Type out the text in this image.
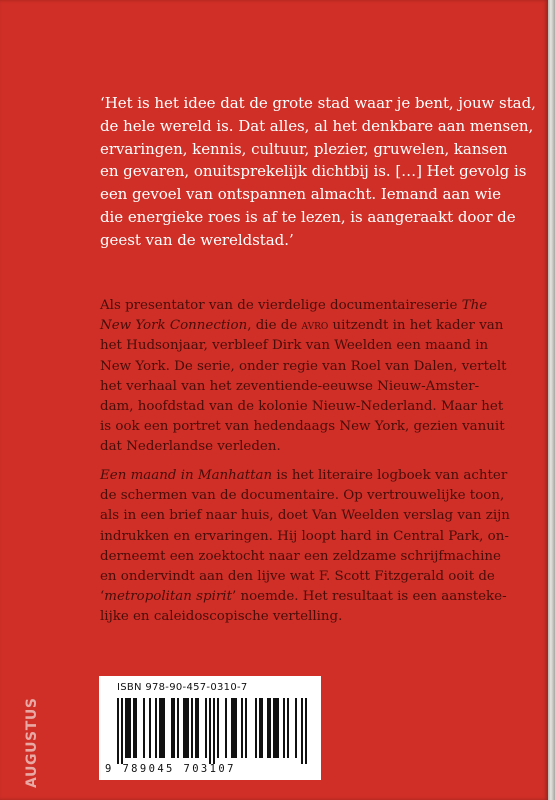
‘Het is het idee dat de grote stad waar je bent, jouw stad,
de hele wereld is. Dat alles, al het denkbare aan mensen,
ervaringen, kennis, cultuur, plezier, gruwelen, kansen
en gevaren, onuitsprekelijk dichtbij is. […] Het gevolg is
een gevoel van ontspannen almacht. Iemand aan wie
die energieke roes is af te lezen, is aangeraakt door de
geest van de wereldstad.’
Als presentator van de vierdelige documentaireserie The
New York Connection, die de avro uitzendt in het kader van
het Hudsonjaar, verbleef Dirk van Weelden een maand in
New York. De serie, onder regie van Roel van Dalen, vertelt
het verhaal van het zeventiende-eeuwse Nieuw-Amster-
dam, hoofdstad van de kolonie Nieuw-Nederland. Maar het
is ook een portret van hedendaags New York, gezien vanuit
dat Nederlandse verleden.
Een maand in Manhattan is het literaire logboek van achter
de schermen van de documentaire. Op vertrouwelijke toon,
als in een brief naar huis, doet Van Weelden verslag van zijn
indrukken en ervaringen. Hij loopt hard in Central Park, on-
derneemt een zoektocht naar een zeldzame schrijfmachine
en ondervindt aan den lijve wat F. Scott Fitzgerald ooit de
‘metropolitan spirit’ noemde. Het resultaat is een aansteke-
lijke en caleidoscopische vertelling.
AUGUSTUS
ISBN 978-90-457-0310-7
9 789045 703107
